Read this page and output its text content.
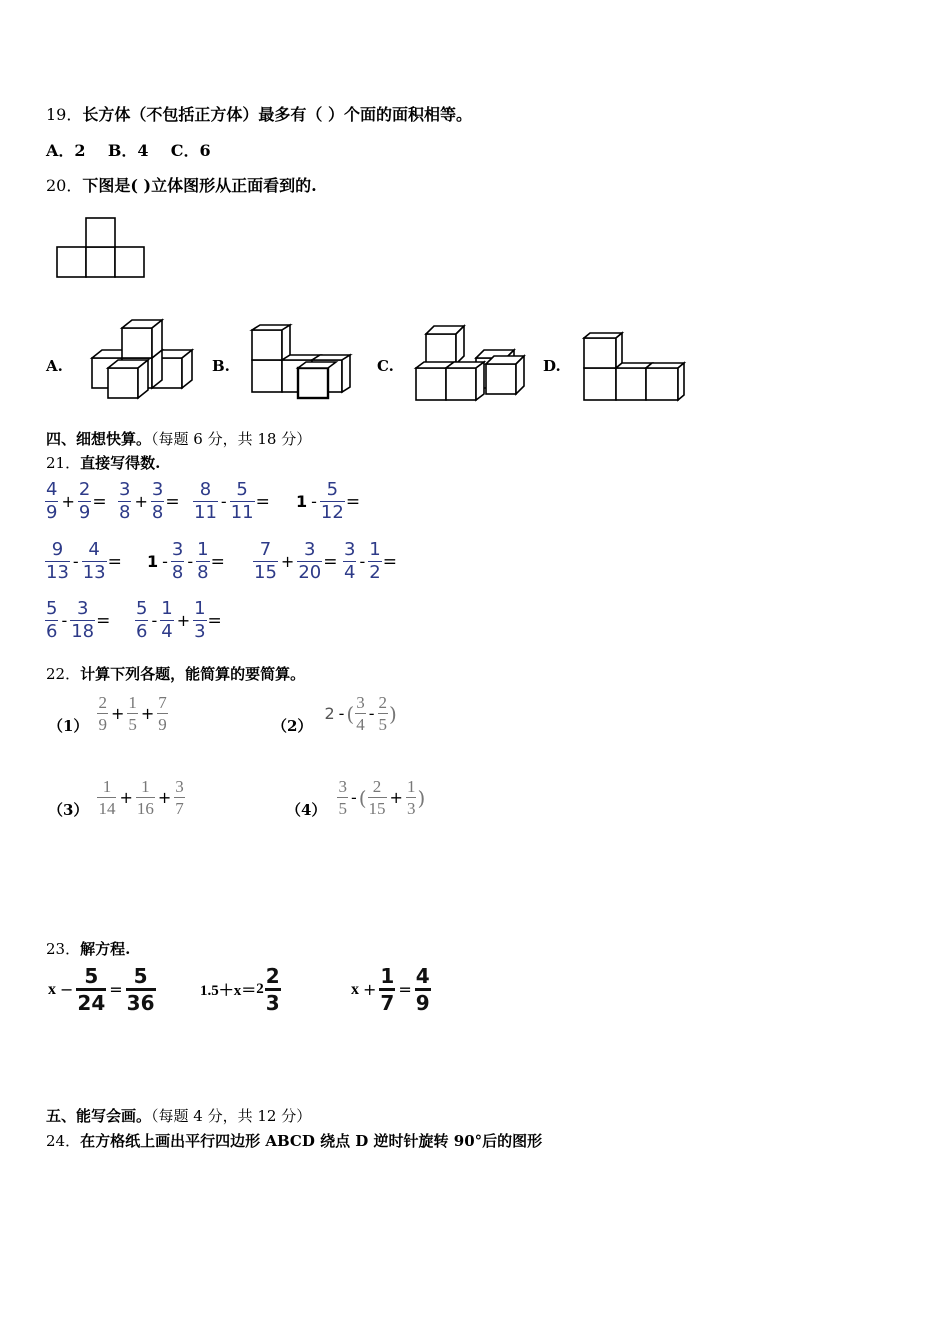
19．长方体（不包括正方体）最多有（ ）个面的面积相等。
A．2    B．4    C．6
20．下图是( )立体图形从正面看到的.
A.	B.	C.	D.
四、细想快算。（每题 6 分，共 18 分）
21．直接写得数.
4
9
+
2
9
=
3
8
+
3
8
=
8
11
-
5
11
= 1 -
5
12
=
9
13
-
4
13
= 1 -
3
8
-
1
8
=
7
15
+
3
20
=
3
4
-
1
2
=
5
6
-
3
18
=
5
6
-
1
4
+
1
3
=
22．计算下列各题，能简算的要简算。
（1）
2
9
+
1
5
+
7
9	（2）
2 - ( 3
4
-
2
5 )
（3）
1
14
+
1
16
+
3
7	（4）
3
5
- ( 2
15
+
1
3 )
23．解方程.
x −
5
24
=
5
36	1.5＋x＝ 2
2
3
x +
1
7
=
4
9
五、能写会画。（每题 4 分，共 12 分）
24．在方格纸上画出平行四边形 ABCD 绕点 D 逆时针旋转 90°后的图形
